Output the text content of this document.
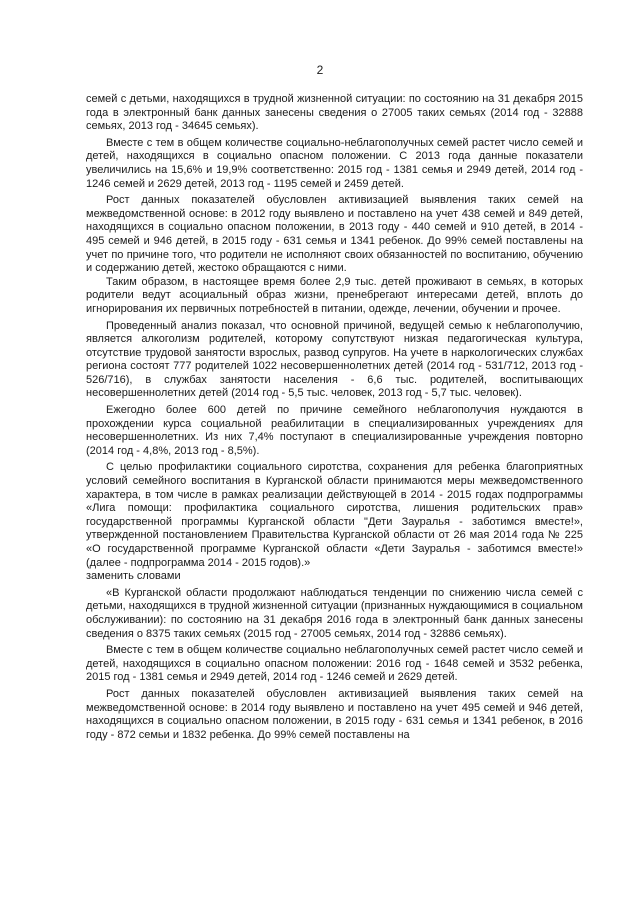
2

семей с детьми, находящихся в трудной жизненной ситуации: по состоянию на 31 декабря 2015 года в электронный банк данных занесены сведения о 27005 таких семьях (2014 год - 32888 семьях, 2013 год - 34645 семьях).

Вместе с тем в общем количестве социально-неблагополучных семей растет число семей и детей, находящихся в социально опасном положении. С 2013 года данные показатели увеличились на 15,6% и 19,9% соответственно: 2015 год - 1381 семья и 2949 детей, 2014 год - 1246 семей и 2629 детей, 2013 год - 1195 семей и 2459 детей.

Рост данных показателей обусловлен активизацией выявления таких семей на межведомственной основе: в 2012 году выявлено и поставлено на учет 438 семей и 849 детей, находящихся в социально опасном положении, в 2013 году - 440 семей и 910 детей, в 2014 - 495 семей и 946 детей, в 2015 году - 631 семья и 1341 ребенок. До 99% семей поставлены на учет по причине того, что родители не исполняют своих обязанностей по воспитанию, обучению и содержанию детей, жестоко обращаются с ними.

Таким образом, в настоящее время более 2,9 тыс. детей проживают в семьях, в которых родители ведут асоциальный образ жизни, пренебрегают интересами детей, вплоть до игнорирования их первичных потребностей в питании, одежде, лечении, обучении и прочее.

Проведенный анализ показал, что основной причиной, ведущей семью к неблагополучию, является алкоголизм родителей, которому сопутствуют низкая педагогическая культура, отсутствие трудовой занятости взрослых, развод супругов. На учете в наркологических службах региона состоят 777 родителей 1022 несовершеннолетних детей (2014 год - 531/712, 2013 год - 526/716), в службах занятости населения - 6,6 тыс. родителей, воспитывающих несовершеннолетних детей (2014 год - 5,5 тыс. человек, 2013 год - 5,7 тыс. человек).

Ежегодно более 600 детей по причине семейного неблагополучия нуждаются в прохождении курса социальной реабилитации в специализированных учреждениях для несовершеннолетних. Из них 7,4% поступают в специализированные учреждения повторно (2014 год - 4,8%, 2013 год - 8,5%).

С целью профилактики социального сиротства, сохранения для ребенка благоприятных условий семейного воспитания в Курганской области принимаются меры межведомственного характера, в том числе в рамках реализации действующей в 2014 - 2015 годах подпрограммы «Лига помощи: профилактика социального сиротства, лишения родительских прав» государственной программы Курганской области "Дети Зауралья - заботимся вместе!», утвержденной постановлением Правительства Курганской области от 26 мая 2014 года № 225 «О государственной программе Курганской области «Дети Зауралья - заботимся вместе!» (далее - подпрограмма 2014 - 2015 годов).»

заменить словами

«В Курганской области продолжают наблюдаться тенденции по снижению числа семей с детьми, находящихся в трудной жизненной ситуации (признанных нуждающимися в социальном обслуживании): по состоянию на 31 декабря 2016 года в электронный банк данных занесены сведения о 8375 таких семьях (2015 год - 27005 семьях, 2014 год - 32886 семьях).

Вместе с тем в общем количестве социально неблагополучных семей растет число семей и детей, находящихся в социально опасном положении: 2016 год - 1648 семей и 3532 ребенка, 2015 год - 1381 семья и 2949 детей, 2014 год - 1246 семей и 2629 детей.

Рост данных показателей обусловлен активизацией выявления таких семей на межведомственной основе: в 2014 году выявлено и поставлено на учет 495 семей и 946 детей, находящихся в социально опасном положении, в 2015 году - 631 семья и 1341 ребенок, в 2016 году - 872 семьи и 1832 ребенка. До 99% семей поставлены на
